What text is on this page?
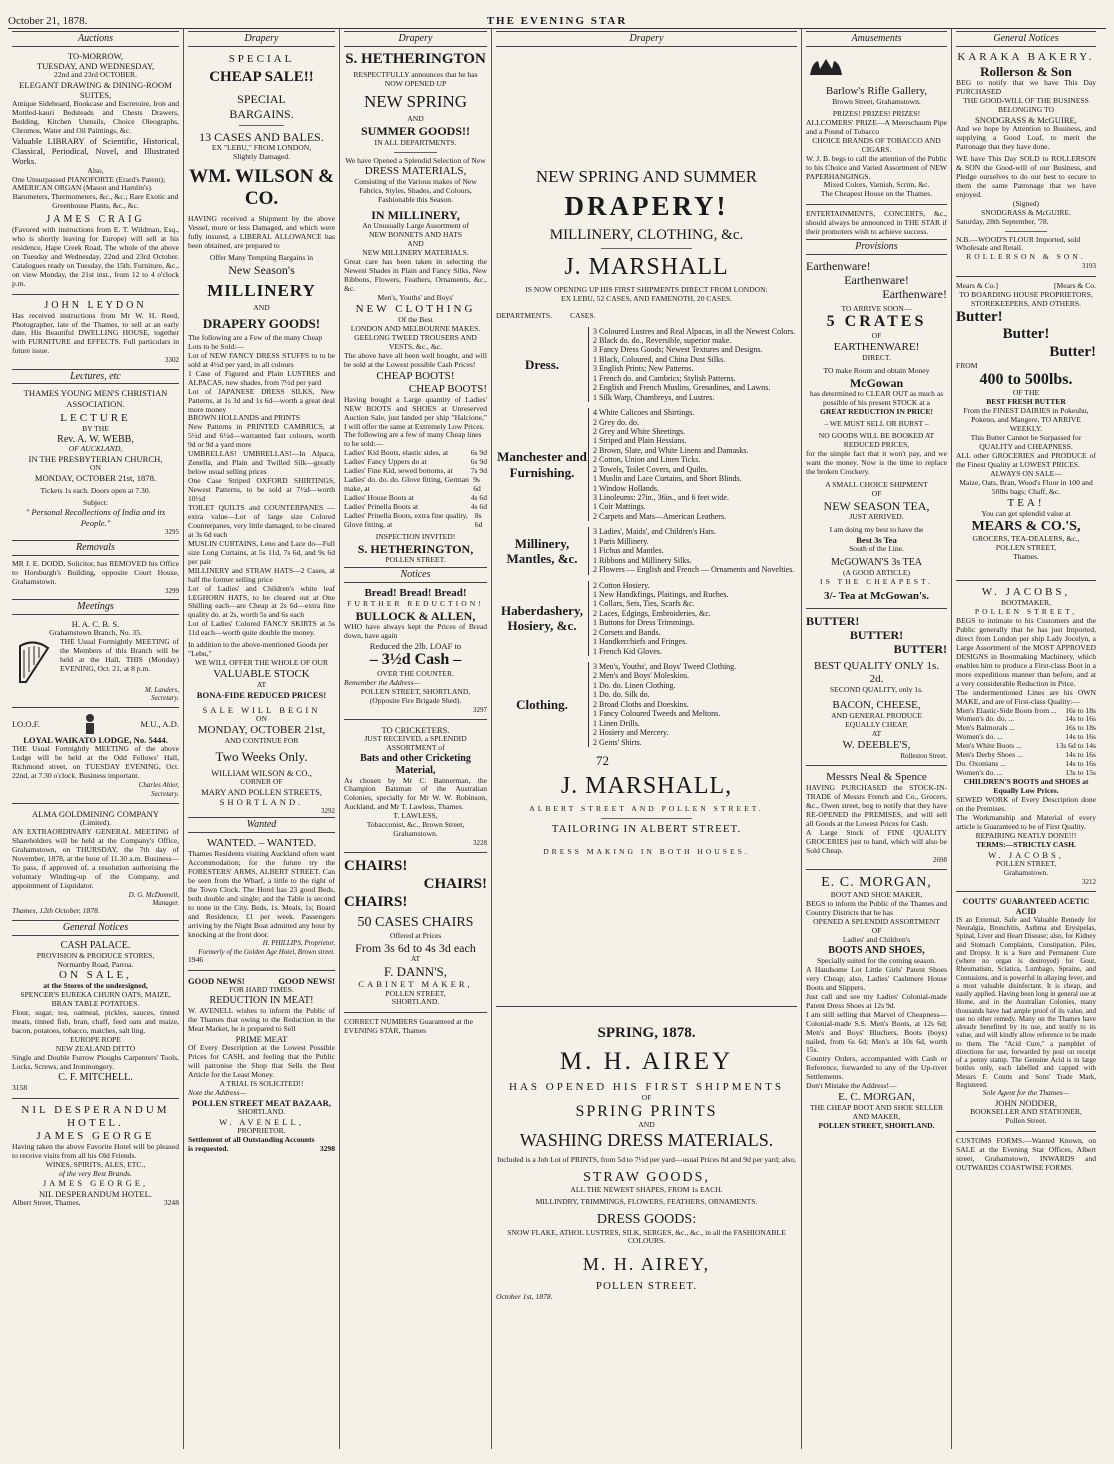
October 21, 1878.	THE EVENING STAR
Auctions
TO-MORROW,
TUESDAY, AND WEDNESDAY,
22nd and 23rd OCTOBER.
ELEGANT DRAWING & DINING-ROOM SUITES,
Antique Sideboard, Bookcase and Escretoire, Iron and Mottled-kauri Bedsteads and Chests Drawers, Bedding, Kitchen Utensils, Choice Oleographs, Chromos, Water and Oil Paintings, &c.
Valuable LIBRARY of Scientific, Historical, Classical, Periodical, Novel, and Illustrated Works.
Also,
One Unsurpassed PIANOFORTE (Erard's Patent);
AMERICAN ORGAN (Mason and Hamlin's).
Barometers, Thermometers, &c., &c.; Rare Exotic and Greenhouse Plants, &c., &c.
JAMES CRAIG
(Favored with instructions from E. T. Wildman, Esq., who is shortly leaving for Europe) will sell at his residence, Hape Creek Road, The whole of the above on Tuesday and Wednesday, 22nd and 23rd October. Catalogues ready on Tuesday, the 15th. Furniture, &c., on view Monday, the 21st inst., from 12 to 4 o'clock p.m.
JOHN LEYDON
Has received instructions from Mr W. H. Reed, Photographer, late of the Thames, to sell at an early date, His Beautiful DWELLING HOUSE, together with FURNITURE and EFFECTS. Full particulars in future issue.
3302
Lectures, etc
THAMES YOUNG MEN'S CHRISTIAN ASSOCIATION.
LECTURE
BY THE
Rev. A. W. WEBB,
OF AUCKLAND,
IN THE PRESBYTERIAN CHURCH,
ON
MONDAY, OCTOBER 21st, 1878.
Tickets 1s each. Doors open at 7.30.
Subject:
" Personal Recollections of India and its People."
3295
Removals
MR J. E. DODD, Solicitor, has REMOVED his Office to Horsburgh's Building, opposite Court House, Grahamstown.
3299
Meetings
H. A. C. B. S.
Grahamstown Branch, No. 35.
THE Usual Fortnightly MEETING of the Members of this Branch will be held at the Hall, THIS (Monday) EVENING, Oct. 21, at 8 p.m.
M. Landers,
Secretary.
I.O.O.F.	M.U., A.D.
LOYAL WAIKATO LODGE, No. 5444.
THE Usual Fortnightly MEETING of the above Lodge will be held at the Odd Fellows' Hall, Richmond street, on TUESDAY EVENING, Oct. 22nd, at 7.30 o'clock. Business important.
Charles Ahier,
Secretary.
ALMA GOLDMINING COMPANY
(Limited).
AN EXTRAORDINARY GENERAL MEETING of Shareholders will be held at the Company's Office, Grahamstown, on THURSDAY, the 7th day of November, 1878, at the hour of 11.30 a.m. Business—To pass, if approved of, a resolution authorising the voluntary Winding-up of the Company, and appointment of Liquidator.
D. G. McDonnell,
Manager.
Thames, 12th October, 1878.
General Notices
CASH PALACE.
PROVISION & PRODUCE STORES,
Normanby Road, Parroa.
ON SALE,
at the Stores of the undersigned,
SPENCER'S EUREKA CHURN OATS, MAIZE, BRAN TABLE POTATOES.
Flour, sugar, tea, oatmeal, pickles, sauces, tinned meats, tinned fish, bran, chaff, feed oats and maize, bacon, potatoes, tobacco, matches, salt ling.
EUROPE ROPE
NEW ZEALAND DITTO
Single and Double Furrow Ploughs Carpenters' Tools, Locks, Screws, and Ironmongery.
C. F. MITCHELL.
3158
NIL DESPERANDUM HOTEL.
JAMES GEORGE
Having taken the above Favorite Hotel will be pleased to receive visits from all his Old Friends.
WINES, SPIRITS, ALES, ETC.,
of the very Best Brands.
JAMES GEORGE,
NIL DESPERANDUM HOTEL.
Albert Street, Thames,	3248
Drapery
SPECIAL
CHEAP SALE!!
SPECIAL
BARGAINS.
13 CASES AND BALES.
EX "LEBU," FROM LONDON,
Slightly Damaged.
WM. WILSON & CO.
HAVING received a Shipment by the above Vessel, more or less Damaged, and which were fully insured, a LIBERAL ALLOWANCE has been obtained, are prepared to
Offer Many Tempting Bargains in
New Season's
MILLINERY
AND
DRAPERY GOODS!
The following are a Few of the many Cheap Lots to be Sold:—
Lot of NEW FANCY DRESS STUFFS to to be sold at 4½d per yard, in all colours
1 Case of Figured and Plain LUSTRES and ALPACAS, new shades, from 7½d per yard
Lot of JAPANESE DRESS SILKS, New Patterns, at 1s 3d and 1s 6d—worth a great deal more money
BROWN HOLLANDS and PRINTS
New Patterns in PRINTED CAMBRICS, at 5½d and 6½d—warranted fast colours, worth 9d or 9d a yard more
UMBRELLAS! UMBRELLAS!—In Alpaca, Zenella, and Plain and Twilled Silk—greatly below usual selling prices
One Case Striped OXFORD SHIRTINGS, Newest Patterns, to be sold at 7½d—worth 10½d
TOILET QUILTS and COUNTERPANES —extra value—Lot of large size Colored Counterpanes, very little damaged, to be cleared at 3s 6d each
MUSLIN CURTAINS, Leno and Lace do—Full size Long Curtains, at 5s 11d, 7s 6d, and 9s 6d per pair
MILLINERY and STRAW HATS—2 Cases, at half the former selling price
Lot of Ladies' and Children's white leaf LEGHORN HATS, to be cleared out at One Shilling each—are Cheap at 2s 6d—extra fine quality do. at 2s, worth 5s and 6s each
Lot of Ladies' Colored FANCY SKIRTS at 5s 11d each—worth quite double the money.
In addition to the above-mentioned Goods per "Lebu,"
WE WILL OFFER THE WHOLE OF OUR
VALUABLE STOCK
AT
BONA-FIDE REDUCED PRICES!
SALE WILL BEGIN
ON
MONDAY, OCTOBER 21st,
AND CONTINUE FOR
Two Weeks Only.
WILLIAM WILSON & CO.,
CORNER OF
MARY AND POLLEN STREETS,
SHORTLAND.
3292
Wanted
WANTED. – WANTED.
Thames Residents visiting Auckland often want Accommodation; for the future try the FORESTERS' ARMS, ALBERT STREET. Can be seen from the Wharf, a little to the right of the Town Clock. The Hotel has 23 good Beds, both double and single; and the Table is second to none in the City. Beds, 1s. Meals, 1s; Board and Residence, £1 per week. Passengers arriving by the Night Boat admitted any hour by knocking at the front door.
H. PHILLIPS, Proprietor,
Formerly of the Golden Age Hotel, Brown street.
1946
GOOD NEWS!	GOOD NEWS!
FOR HARD TIMES.
REDUCTION IN MEAT!
W. AVENELL wishes to inform the Public of the Thames that owing to the Reduction in the Meat Market, he is prepared to Sell
PRIME MEAT
Of Every Description at the Lowest Possible Prices for CASH, and feeling that the Public will patronise the Shop that Sells the Best Article for the Least Money.
A TRIAL IS SOLICITED!!
Note the Address—
POLLEN STREET MEAT BAZAAR,
SHORTLAND.
W. AVENELL,
PROPRIETOR.
Settlement of all Outstanding Accounts is requested.	3298
Drapery
S. HETHERINGTON
RESPECTFULLY announces that he has NOW OPENED UP
NEW SPRING
AND
SUMMER GOODS!!
IN ALL DEPARTMENTS.
We have Opened a Splendid Selection of New
DRESS MATERIALS,
Consisting of the Various makes of New Fabrics, Styles, Shades, and Colours, Fashionable this Season.
IN MILLINERY,
An Unusually Large Assortment of
NEW BONNETS AND HATS
AND
NEW MILLINERY MATERIALS.
Great care has been taken in selecting the Newest Shades in Plain and Fancy Silks, New Ribbons, Flowers, Feathers, Ornaments, &c., &c.
Men's, Youths' and Boys'
NEW CLOTHING
Of the Best
LONDON AND MELBOURNE MAKES.
GEELONG TWEED TROUSERS AND
VESTS, &c., &c.
The above have all been well bought, and will be sold at the Lowest possible Cash Prices!
CHEAP BOOTS!
CHEAP BOOTS!
Having bought a Large quantity of Ladies' NEW BOOTS and SHOES at Unreserved Auction Sale, just landed per ship "Halcione," I will offer the same at Extremely Low Prices.
The following are a few of many Cheap lines to be sold:—
Ladies' Kid Boots, elastic sides, at	6s 9d
Ladies' Fancy Uppers do at	6s 9d
Ladies' Fine Kid, sewed bottoms, at 7s 9d
Ladies' do. do. do. Glove fitting, German make, at
9s 6d
Ladies' House Boots at	4s 6d
Ladies' Prinella Boots at	4s 6d
Ladies' Prinella Boots, extra fine quality, Glove fitting, at
8s 6d
INSPECTION INVITED!
S. HETHERINGTON,
POLLEN STREET.
Notices
Bread! Bread! Bread!
FURTHER REDUCTION!
BULLOCK & ALLEN,
WHO have always kept the Prices of Bread down, have again
Reduced the 2lb. LOAF to
– 3½d Cash –
OVER THE COUNTER.
Remember the Address—
POLLEN STREET, SHORTLAND,
(Opposite Fire Brigade Shed).
3297
TO CRICKETERS.
JUST RECEIVED, a SPLENDID ASSORTMENT of
Bats and other Cricketing Material,
As chosen by Mr C. Bannerman, the Champion Batsman of the Australian Colonies, specially for Mr W. W. Robinson, Auckland, and Mr T. Lawless, Thames.
T. LAWLESS,
Tobacconist, &c., Brown Street, Grahamstown.
3228
CHAIRS!
CHAIRS!
CHAIRS!
50 CASES CHAIRS
Offered at Prices
From 3s 6d to 4s 3d each
AT
F. DANN'S,
CABINET MAKER,
POLLEN STREET,
SHORTLAND.
CORRECT NUMBERS Guaranteed at the EVENING STAR, Thames
Drapery
NEW SPRING AND SUMMER
DRAPERY!
MILLINERY, CLOTHING, &c.
J. MARSHALL
IS NOW OPENING UP HIS FIRST SHIPMENTS DIRECT FROM LONDON:
EX LEBU, 52 CASES, AND FAMENOTH, 20 CASES.
DEPARTMENTS. CASES.
Dress.
3 Coloured Lustres and Real Alpacas, in all the Newest Colors.
2 Black do. do., Reversible, superior make.
3 Fancy Dress Goods; Newest Textures and Designs.
1 Black, Coloured, and China Dust Silks.
3 English Prints; New Patterns.
1 French do. and Cambrics; Stylish Patterns.
2 English and French Muslins, Grenadines, and Lawns.
1 Silk Warp, Chambreys, and Lustres.
Manchester and Furnishing.
4 White Calicoes and Shirtings.
2 Grey do. do.
2 Grey and White Sheetings.
1 Striped and Plain Hessians.
2 Brown, Slate, and White Linens and Damasks.
2 Cotton, Union and Linen Ticks.
2 Towels, Toilet Covers, and Quilts.
1 Muslin and Lace Curtains, and Short Blinds.
1 Window Hollands.
3 Linoleums: 27in., 36in., and 6 feet wide.
1 Coir Mattings.
2 Carpets and Mats—American Leathers.
Millinery, Mantles, &c.
3 Ladies', Maids', and Children's Hats.
1 Paris Millinery.
1 Fichus and Mantles.
1 Ribbons and Millinery Silks.
2 Flowers — English and French — Ornaments and Novelties.
Haberdashery, Hosiery, &c.
2 Cotton Hosiery.
1 New Handkfings, Plaitings, and Ruches.
1 Collars, Sets, Ties, Scarfs &c.
2 Laces, Edgings, Embroideries, &c.
1 Buttons for Dress Trimmings.
2 Corsets and Bands.
1 Handkerchiefs and Fringes.
1 French Kid Gloves.
Clothing.
3 Men's, Youths', and Boys' Tweed Clothing.
2 Men's and Boys' Moleskins.
1 Do. do. Linen Clothing.
1 Do. do. Silk do.
2 Broad Cloths and Doeskins.
1 Fancy Coloured Tweeds and Meltons.
1 Linen Drills.
2 Hosiery and Mercery.
2 Gents' Shirts.
72
J. MARSHALL,
ALBERT STREET AND POLLEN STREET.
TAILORING IN ALBERT STREET.
DRESS MAKING IN BOTH HOUSES.
SPRING, 1878.
M. H. AIREY
HAS OPENED HIS FIRST SHIPMENTS
OF
SPRING PRINTS
AND
WASHING DRESS MATERIALS.
Included is a Job Lot of PRINTS, from 5d to 7½d per yard—usual Prices 8d and 9d per yard; also,
STRAW GOODS,
ALL THE NEWEST SHAPES, FROM 1s EACH.
MILLINDRY, TRIMMINGS, FLOWERS, FEATHERS, ORNAMENTS.
DRESS GOODS:
SNOW FLAKE, ATHOL LUSTRES, SILK, SERGES, &c., &c., in all the FASHIONABLE COLOURS.
M. H. AIREY,
POLLEN STREET.
October 1st, 1878.
Amusements
Barlow's Rifle Gallery,
Brown Street, Grahamstown.
PRIZES! PRIZES! PRIZES!
ALLCOMERS' PRIZE—A Meerschaum Pipe and a Pound of Tobacco
CHOICE BRANDS OF TOBACCO AND CIGARS.
W. J. B. begs to call the attention of the Public to his Choice and Varied Assortment of NEW PAPERHANGINGS.
Mixed Colors, Varnish, Scrim, &c.
The Cheapest House on the Thames.
ENTERTAINMENTS, CONCERTS, &c., should always be announced in THE STAR if their promoters wish to achieve success.
Provisions
Earthenware!
Earthenware!
Earthenware!
TO ARRIVE SOON—
5 CRATES
OF
EARTHENWARE!
DIRECT.
TO make Room and obtain Money
McGowan
has determined to CLEAR OUT as much as possible of his present STOCK at a
GREAT REDUCTION IN PRICE!
– WE MUST SELL OR BURST –
NO GOODS WILL BE BOOKED AT REDUCED PRICES,
for the simple fact that it won't pay, and we want the money. Now is the time to replace the broken Crockery.
A SMALL CHOICE SHIPMENT
OF
NEW SEASON TEA,
JUST ARRIVED.
I am doing my best to have the
Best 3s Tea
South of the Line.
McGOWAN'S 3s TEA
(A GOOD ARTICLE)
IS THE CHEAPEST.
3/- Tea at McGowan's.
BUTTER!
BUTTER!
BUTTER!
BEST QUALITY ONLY 1s. 2d.
SECOND QUALITY, only 1s.
BACON, CHEESE,
AND GENERAL PRODUCE
EQUALLY CHEAP,
AT
W. DEEBLE'S,
Rolleston Street.
Messrs Neal & Spence
HAVING PURCHASED the STOCK-IN-TRADE of Messrs French and Co., Grocers, &c., Owen street, beg to notify that they have RE-OPENED the PREMISES, and will sell all Goods at the Lowest Prices for Cash.
A Large Stock of FINE QUALITY GROCERIES just to hand, which will also be Sold Cheap.
2698
E. C. MORGAN,
BOOT AND SHOE MAKER,
BEGS to inform the Public of the Thames and Country Districts that he has
OPENED A SPLENDID ASSORTMENT
OF
Ladies' and Children's
BOOTS AND SHOES,
Specially suited for the coming season.
A Handsome Lot Little Girls' Patent Shoes very Cheap; also, Ladies' Cashmere House Boots and Slippers.
Just call and see my Ladies' Colonial-made Patent Dress Shoes at 12s 9d.
I am still selling that Marvel of Cheapness—Colonial-made S.S. Men's Boots, at 12s 6d; Men's and Boys' Bluchers, Boots (boys) nailed, from 6s 6d; Men's at 10s 6d, worth 15s.
Country Orders, accompanied with Cash or Reference, forwarded to any of the Up-river Settlements.
Don't Mistake the Address!—
E. C. MORGAN,
THE CHEAP BOOT AND SHOE SELLER AND MAKER,
POLLEN STREET, SHORTLAND.
General Notices
KARAKA BAKERY.
Rollerson & Son
BEG to notify that we have This Day PURCHASED
THE GOOD-WILL OF THE BUSINESS BELONGING TO
SNODGRASS & McGUIRE,
And we hope by Attention to Business, and supplying a Good Loaf, to merit the Patronage that they have done.
WE have This Day SOLD to ROLLERSON & SON the Good-will of our Business, and Pledge ourselves to do our best to secure to them the same Patronage that we have enjoyed.
(Signed)
SNODGRASS & McGUIRE.
Saturday, 28th September, '78.
N.B.—WOOD'S FLOUR Imported, sold Wholesale and Retail.
ROLLERSON & SON.
3193
Mears & Co.]	[Mears & Co.
TO BOARDING HOUSE PROPRIETORS, STOREKEEPERS, AND OTHERS.
Butter!
Butter!
Butter!
FROM
400 to 500lbs.
OF THE
BEST FRESH BUTTER
From the FINEST DAIRIES in Pokeuhu, Pokeno, and Mangere, TO ARRIVE WEEKLY.
This Butter Cannot be Surpassed for QUALITY and CHEAPNESS.
ALL other GROCERIES and PRODUCE of the Finest Quality at LOWEST PRICES.
ALWAYS ON SALE—
Maize, Oats, Bran, Wood's Flour in 100 and 50lbs bags; Chaff, &c.
TEA!
You can get splendid value at
MEARS & CO.'S,
GROCERS, TEA-DEALERS, &c.,
POLLEN STREET,
Thames.
W. JACOBS,
BOOTMAKER,
POLLEN STREET,
BEGS to intimate to his Customers and the Public generally that he has just Imported, direct from London per ship Lady Jocelyn, a Large Assortment of the MOST APPROVED DESIGNS in Bootmaking Machinery, which enables him to produce a First-class Boot in a more expeditious manner than before, and at a very considerable Reduction in Price.
The undermentioned Lines are his OWN MAKE, and are of First-class Quality:—
Men's Elastic-Side Boots from ... 16s to 18s
Women's do. do. ...	14s to 16s
Men's Balmorals ...	16s to 18s
Women's do. ...	14s to 16s
Men's White Boots ...	13s 6d to 14s
Men's Derby Shoes ...	14s to 16s
Do. Oxonians ...	14s to 16s
Women's do. ...	13s to 15s
CHILDREN'S BOOTS and SHOES at Equally Low Prices.
SEWED WORK of Every Description done on the Premises.
The Workmanship and Material of every article is Guaranteed to be of First Quality.
REPAIRING NEATLY DONE!!!
TERMS:—STRICTLY CASH.
W. JACOBS,
POLLEN STREET,
Grahamstown.
3212
COUTTS' GUARANTEED ACETIC ACID
IS an External, Safe and Valuable Remedy for Neuralgia, Bronchitis, Asthma and Erysipelas, Spinal, Liver and Heart Disease; also, for Kidney and Stomach Complaints, Constipation, Piles, and Dropsy. It is a Sure and Permanent Cure (where no organ is destroyed) for Gout, Rheumatism, Sciatica, Lumbago, Sprains, and Contusions, and is powerful in allaying fever, and a most valuable disinfectant. It is cheap, and easily applied. Having been long in general use at Home, and in the Australian Colonies, many thousands have had ample proof of its value, and use no other remedy. Many on the Thames have already benefited by its use, and testify to its value, and will kindly allow reference to be made to them. The "Acid Cure," a pamphlet of directions for use, forwarded by post on receipt of a penny stamp. The Genuine Acid is in large bottles only, each labelled and capped with Messrs F. Coutts and Sons' Trade Mark, Registered.
Sole Agent for the Thames—
JOHN NODDER,
BOOKSELLER AND STATIONER,
Pollen Street.
CUSTOMS FORMS.—Wanted Known, on SALE at the Evening Star Offices, Albert street, Grahamstown, INWARDS and OUTWARDS COASTWISE FORMS.
